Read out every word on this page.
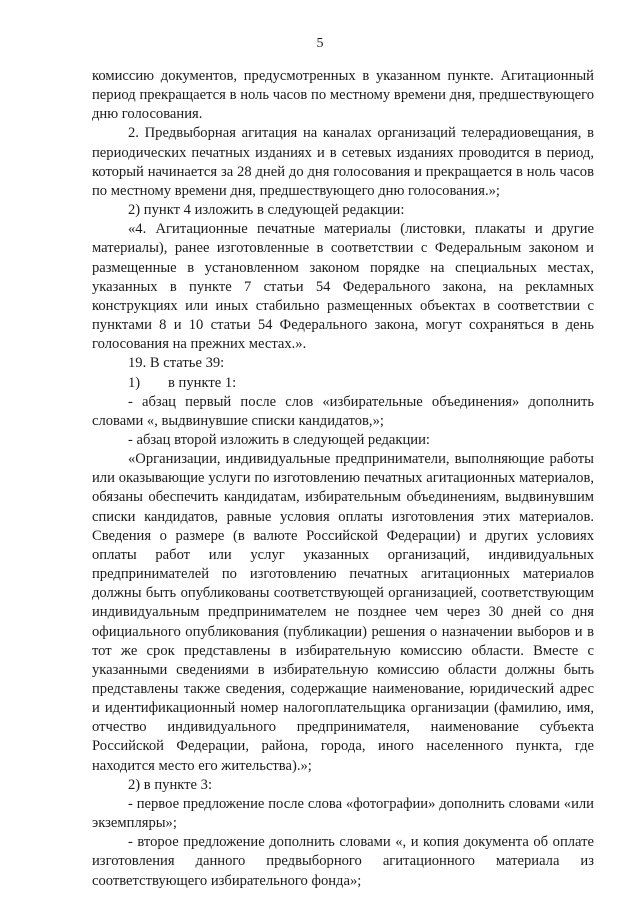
5

комиссию документов, предусмотренных в указанном пункте. Агитационный период прекращается в ноль часов по местному времени дня, предшествующего дню голосования.

2. Предвыборная агитация на каналах организаций телерадиовещания, в периодических печатных изданиях и в сетевых изданиях проводится в период, который начинается за 28 дней до дня голосования и прекращается в ноль часов по местному времени дня, предшествующего дню голосования.»;

2) пункт 4 изложить в следующей редакции:

«4. Агитационные печатные материалы (листовки, плакаты и другие материалы), ранее изготовленные в соответствии с Федеральным законом и размещенные в установленном законом порядке на специальных местах, указанных в пункте 7 статьи 54 Федерального закона, на рекламных конструкциях или иных стабильно размещенных объектах в соответствии с пунктами 8 и 10 статьи 54 Федерального закона, могут сохраняться в день голосования на прежних местах.».

19. В статье 39:

1) в пункте 1:

- абзац первый после слов «избирательные объединения» дополнить словами «, выдвинувшие списки кандидатов,»;

- абзац второй изложить в следующей редакции:

«Организации, индивидуальные предприниматели, выполняющие работы или оказывающие услуги по изготовлению печатных агитационных материалов, обязаны обеспечить кандидатам, избирательным объединениям, выдвинувшим списки кандидатов, равные условия оплаты изготовления этих материалов. Сведения о размере (в валюте Российской Федерации) и других условиях оплаты работ или услуг указанных организаций, индивидуальных предпринимателей по изготовлению печатных агитационных материалов должны быть опубликованы соответствующей организацией, соответствующим индивидуальным предпринимателем не позднее чем через 30 дней со дня официального опубликования (публикации) решения о назначении выборов и в тот же срок представлены в избирательную комиссию области. Вместе с указанными сведениями в избирательную комиссию области должны быть представлены также сведения, содержащие наименование, юридический адрес и идентификационный номер налогоплательщика организации (фамилию, имя, отчество индивидуального предпринимателя, наименование субъекта Российской Федерации, района, города, иного населенного пункта, где находится место его жительства).»;

2) в пункте 3:

- первое предложение после слова «фотографии» дополнить словами «или экземпляры»;

- второе предложение дополнить словами «, и копия документа об оплате изготовления данного предвыборного агитационного материала из соответствующего избирательного фонда»;
